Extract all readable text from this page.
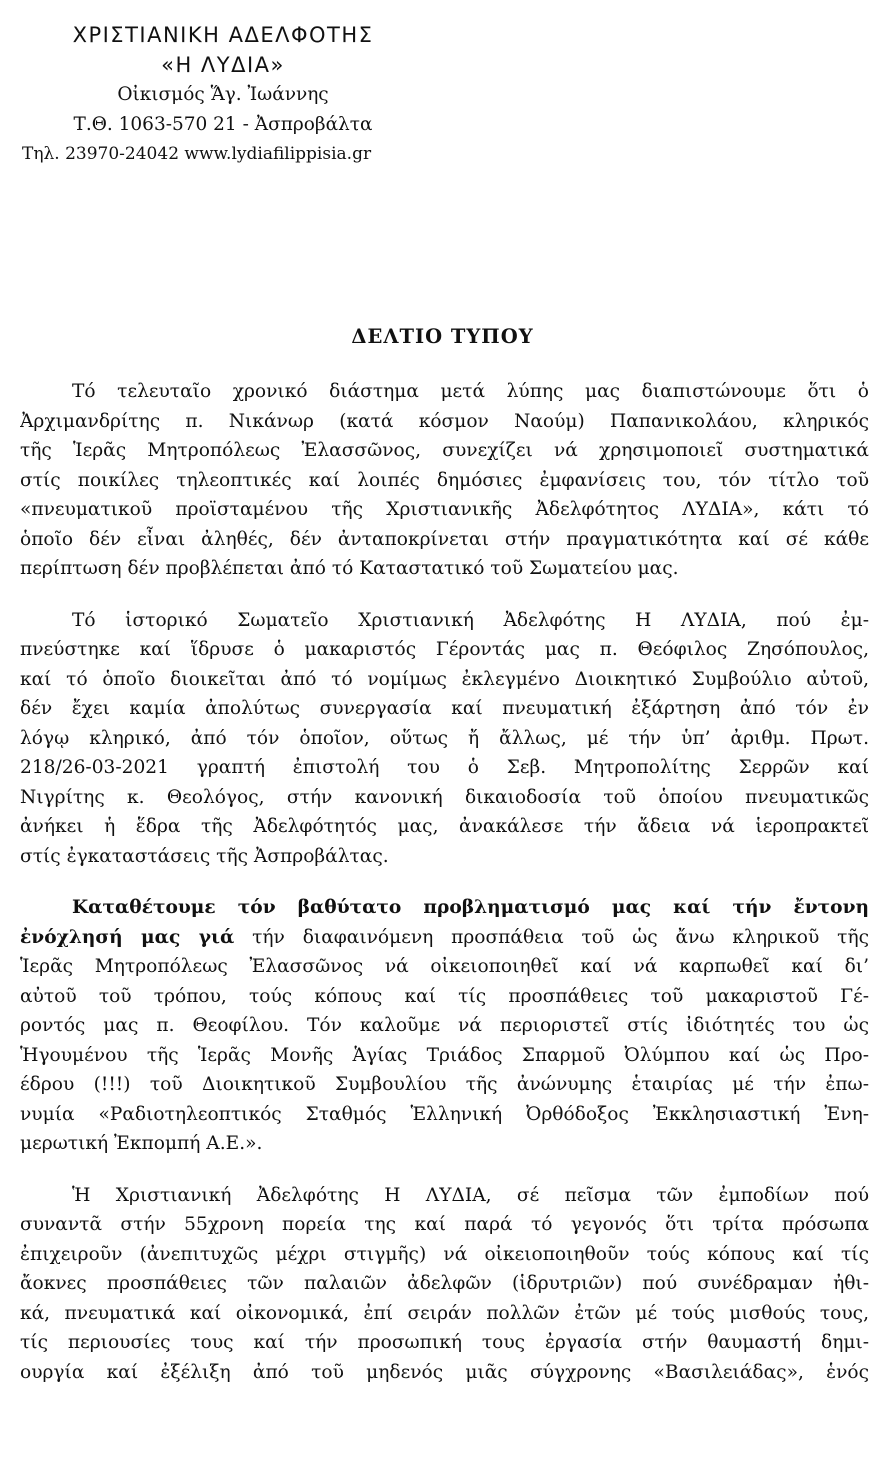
ΧΡΙΣΤΙΑΝΙΚΗ ΑΔΕΛΦΟΤΗΣ
«Η ΛΥΔΙΑ»
Οἰκισμός Ἅγ. Ἰωάννης
Τ.Θ. 1063-570 21 - Ἀσπροβάλτα
Τηλ. 23970-24042 www.lydiafilippisia.gr
ΔΕΛΤΙΟ ΤΥΠΟΥ
Τό τελευταῖο χρονικό διάστημα μετά λύπης μας διαπιστώνουμε ὅτι ὁ
Ἀρχιμανδρίτης π. Νικάνωρ (κατά κόσμον Ναούμ) Παπανικολάου, κληρικός
τῆς Ἱερᾶς Μητροπόλεως Ἐλασσῶνος, συνεχίζει νά χρησιμοποιεῖ συστηματικά
στίς ποικίλες τηλεοπτικές καί λοιπές δημόσιες ἐμφανίσεις του, τόν τίτλο τοῦ
«πνευματικοῦ προϊσταμένου τῆς Χριστιανικῆς Ἀδελφότητος ΛΥΔΙΑ», κάτι τό
ὁποῖο δέν εἶναι ἀληθές, δέν ἀνταποκρίνεται στήν πραγματικότητα καί σέ κάθε
περίπτωση δέν προβλέπεται ἀπό τό Καταστατικό τοῦ Σωματείου μας.
Τό ἱστορικό Σωματεῖο Χριστιανική Ἀδελφότης Η ΛΥΔΙΑ, πού ἐμ-
πνεύστηκε καί ἵδρυσε ὁ μακαριστός Γέροντάς μας π. Θεόφιλος Ζησόπουλος,
καί τό ὁποῖο διοικεῖται ἀπό τό νομίμως ἐκλεγμένο Διοικητικό Συμβούλιο αὐτοῦ,
δέν ἔχει καμία ἀπολύτως συνεργασία καί πνευματική ἐξάρτηση ἀπό τόν ἐν
λόγῳ κληρικό, ἀπό τόν ὁποῖον, οὕτως ἤ ἄλλως, μέ τήν ὑπ’ ἀριθμ. Πρωτ.
218/26-03-2021 γραπτή ἐπιστολή του ὁ Σεβ. Μητροπολίτης Σερρῶν καί
Νιγρίτης κ. Θεολόγος, στήν κανονική δικαιοδοσία τοῦ ὁποίου πνευματικῶς
ἀνήκει ἡ ἕδρα τῆς Ἀδελφότητός μας, ἀνακάλεσε τήν ἄδεια νά ἱεροπρακτεῖ
στίς ἐγκαταστάσεις τῆς Ἀσπροβάλτας.
Καταθέτουμε τόν βαθύτατο προβληματισμό μας καί τήν ἔντονη
ἐνόχλησή μας γιά τήν διαφαινόμενη προσπάθεια τοῦ ὡς ἄνω κληρικοῦ τῆς
Ἱερᾶς Μητροπόλεως Ἐλασσῶνος νά οἰκειοποιηθεῖ καί νά καρπωθεῖ καί δι’
αὐτοῦ τοῦ τρόπου, τούς κόπους καί τίς προσπάθειες τοῦ μακαριστοῦ Γέ-
ροντός μας π. Θεοφίλου. Τόν καλοῦμε νά περιοριστεῖ στίς ἰδιότητές του ὡς
Ἡγουμένου τῆς Ἱερᾶς Μονῆς Ἁγίας Τριάδος Σπαρμοῦ Ὀλύμπου καί ὡς Προ-
έδρου (!!!) τοῦ Διοικητικοῦ Συμβουλίου τῆς ἀνώνυμης ἑταιρίας μέ τήν ἐπω-
νυμία «Ραδιοτηλεοπτικός Σταθμός Ἑλληνική Ὀρθόδοξος Ἐκκλησιαστική Ἐνη-
μερωτική Ἐκπομπή Α.Ε.».
Ἡ Χριστιανική Ἀδελφότης Η ΛΥΔΙΑ, σέ πεῖσμα τῶν ἐμποδίων πού
συναντᾶ στήν 55χρονη πορεία της καί παρά τό γεγονός ὅτι τρίτα πρόσωπα
ἐπιχειροῦν (ἀνεπιτυχῶς μέχρι στιγμῆς) νά οἰκειοποιηθοῦν τούς κόπους καί τίς
ἄοκνες προσπάθειες τῶν παλαιῶν ἀδελφῶν (ἱδρυτριῶν) πού συνέδραμαν ἠθι-
κά, πνευματικά καί οἰκονομικά, ἐπί σειράν πολλῶν ἐτῶν μέ τούς μισθούς τους,
τίς περιουσίες τους καί τήν προσωπική τους ἐργασία στήν θαυμαστή δημι-
ουργία καί ἐξέλιξη ἀπό τοῦ μηδενός μιᾶς σύγχρονης «Βασιλειάδας», ἑνός
